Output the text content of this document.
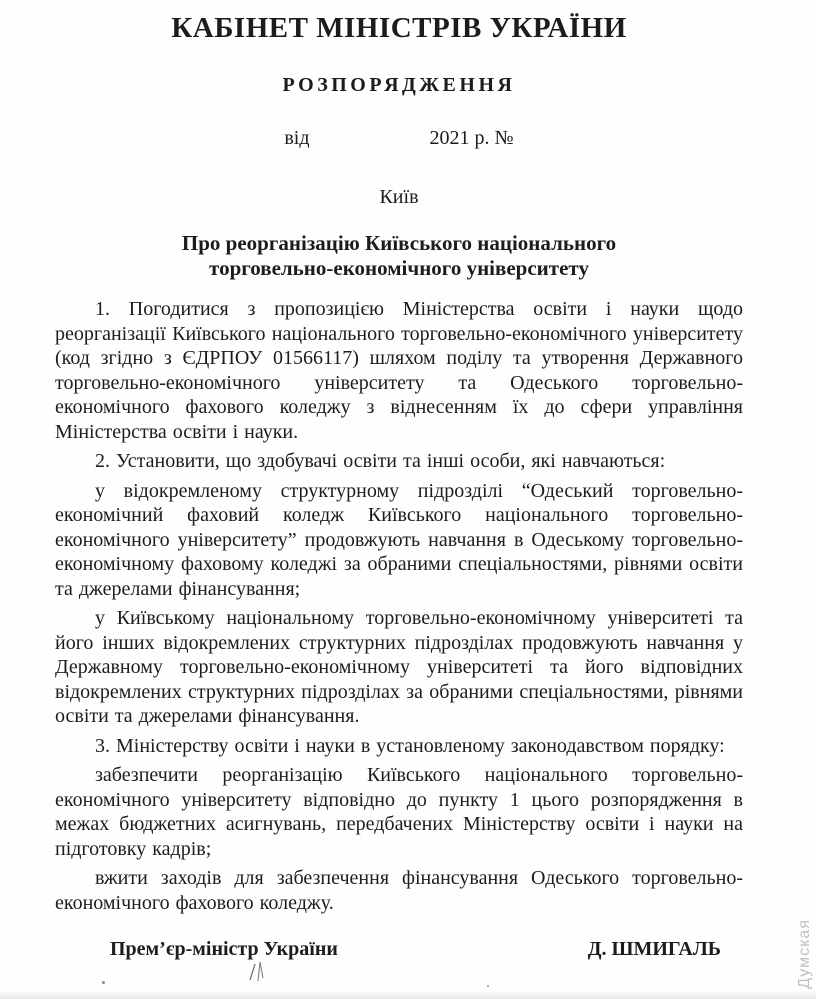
КАБІНЕТ МІНІСТРІВ УКРАЇНИ
РОЗПОРЯДЖЕННЯ
від	2021 р. №
Київ
Про реорганізацію Київського національного
торговельно-економічного університету

1. Погодитися з пропозицією Міністерства освіти і науки щодо реорганізації Київського національного торговельно-економічного університету (код згідно з ЄДРПОУ 01566117) шляхом поділу та утворення Державного торговельно-економічного університету та Одеського торговельно-економічного фахового коледжу з віднесенням їх до сфери управління Міністерства освіти і науки.

2. Установити, що здобувачі освіти та інші особи, які навчаються:

у відокремленому структурному підрозділі “Одеський торговельно-економічний фаховий коледж Київського національного торговельно-економічного університету” продовжують навчання в Одеському торговельно-економічному фаховому коледжі за обраними спеціальностями, рівнями освіти та джерелами фінансування;

у Київському національному торговельно-економічному університеті та його інших відокремлених структурних підрозділах продовжують навчання у Державному торговельно-економічному університеті та його відповідних відокремлених структурних підрозділах за обраними спеціальностями, рівнями освіти та джерелами фінансування.

3. Міністерству освіти і науки в установленому законодавством порядку:

забезпечити реорганізацію Київського національного торговельно-економічного університету відповідно до пункту 1 цього розпорядження в межах бюджетних асигнувань, передбачених Міністерству освіти і науки на підготовку кадрів;

вжити заходів для забезпечення фінансування Одеського торговельно-економічного фахового коледжу.

Прем’єр-міністр України	Д. ШМИГАЛЬ	Думская
